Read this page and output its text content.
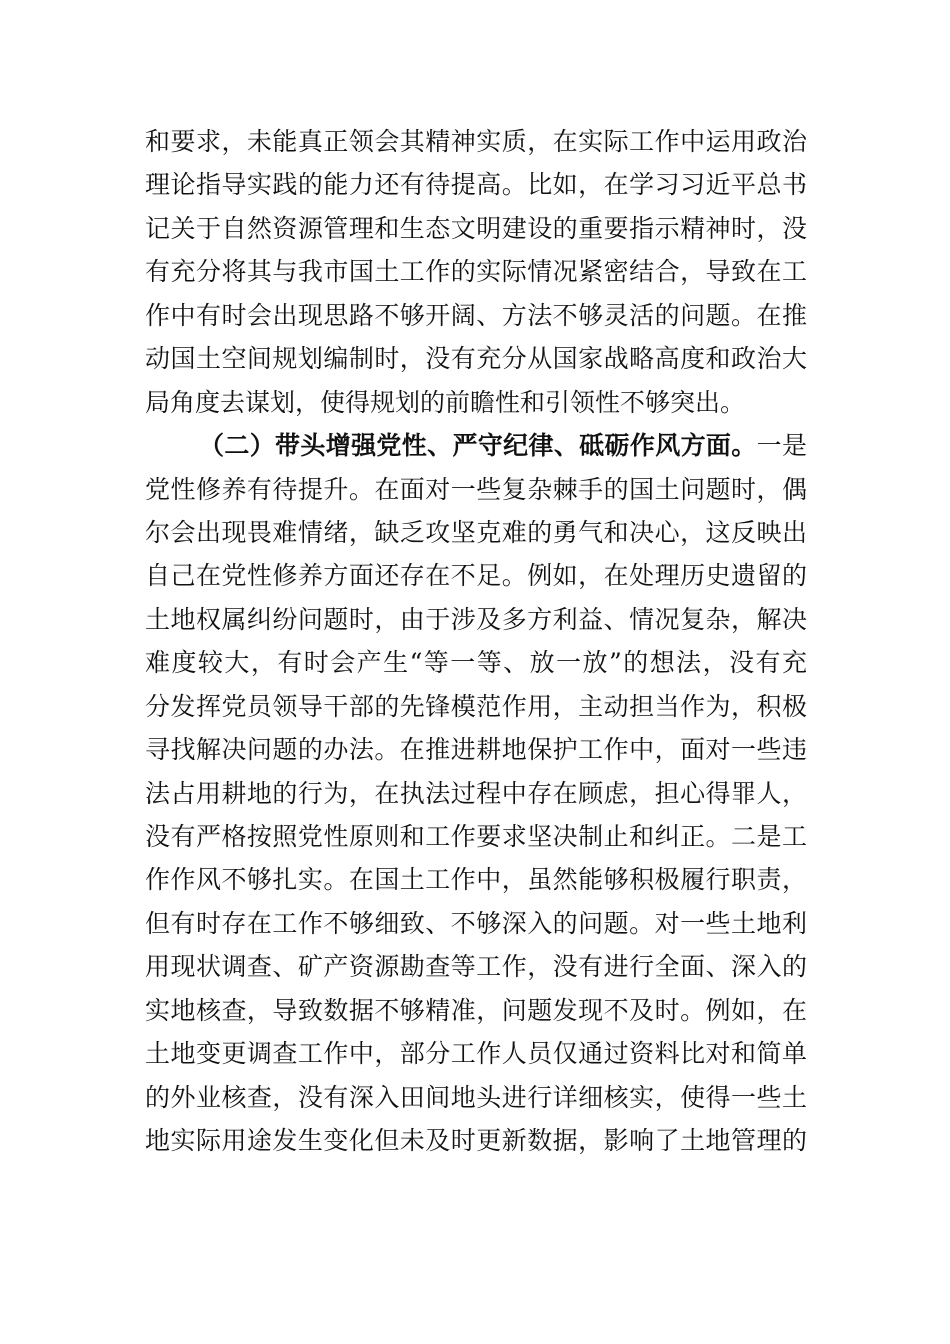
和要求，未能真正领会其精神实质，在实际工作中运用政治
理论指导实践的能力还有待提高。比如，在学习习近平总书
记关于自然资源管理和生态文明建设的重要指示精神时，没
有充分将其与我市国土工作的实际情况紧密结合，导致在工
作中有时会出现思路不够开阔、方法不够灵活的问题。在推
动国土空间规划编制时，没有充分从国家战略高度和政治大
局角度去谋划，使得规划的前瞻性和引领性不够突出。
（二）带头增强党性、严守纪律、砥砺作风方面。一是
党性修养有待提升。在面对一些复杂棘手的国土问题时，偶
尔会出现畏难情绪，缺乏攻坚克难的勇气和决心，这反映出
自己在党性修养方面还存在不足。例如，在处理历史遗留的
土地权属纠纷问题时，由于涉及多方利益、情况复杂，解决
难度较大，有时会产生“等一等、放一放”的想法，没有充
分发挥党员领导干部的先锋模范作用，主动担当作为，积极
寻找解决问题的办法。在推进耕地保护工作中，面对一些违
法占用耕地的行为，在执法过程中存在顾虑，担心得罪人，
没有严格按照党性原则和工作要求坚决制止和纠正。二是工
作作风不够扎实。在国土工作中，虽然能够积极履行职责，
但有时存在工作不够细致、不够深入的问题。对一些土地利
用现状调查、矿产资源勘查等工作，没有进行全面、深入的
实地核查，导致数据不够精准，问题发现不及时。例如，在
土地变更调查工作中，部分工作人员仅通过资料比对和简单
的外业核查，没有深入田间地头进行详细核实，使得一些土
地实际用途发生变化但未及时更新数据，影响了土地管理的
